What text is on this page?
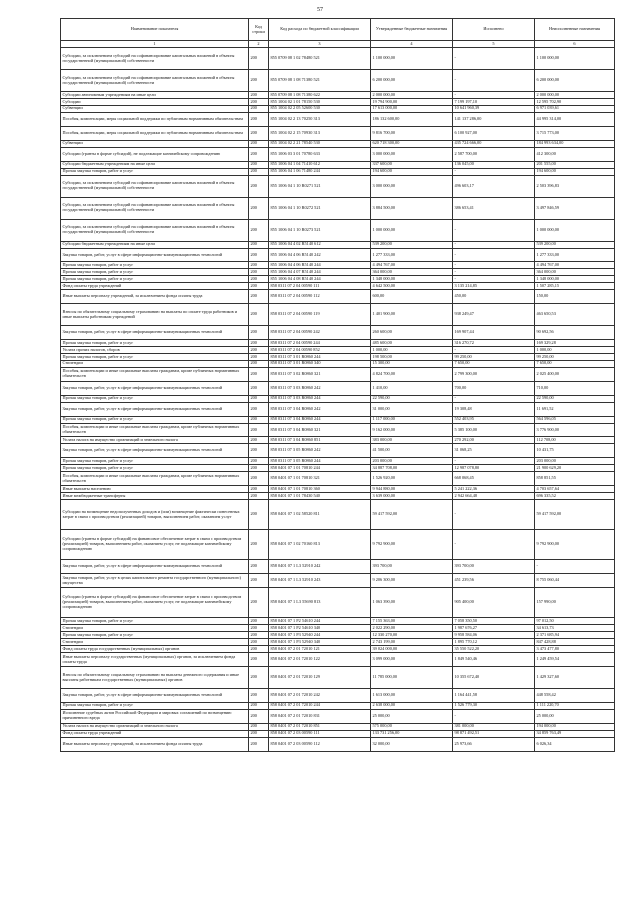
57
Наименование показателя	Код строки	Код расхода по бюджетной классификации	Утвержденные бюджетные назначения	Исполнено	Неисполненные назначения
1	2	3	4	5	6
Субсидии, за исключением субсидий на софинансирование капитальных вложений в объекты государственной (муниципальной) собственности	200	855 0709 08 1 02 78480 521	1 100 000,00	-	1 100 000,00
Субсидии, за исключением субсидий на софинансирование капитальных вложений в объекты государственной (муниципальной) собственности	200	855 0709 08 1 08 71380 521	6 200 000,00	-	6 200 000,00
Субсидии автономным учреждениям на иные цели	200	855 0709 08 1 08 71380 622	2 000 000,00	-	2 000 000,00
Субсидии	200	855 1004 02 1 01 78150 530	19 794 900,00	7 199 197,10	12 595 702,90
Субвенции	200	855 1004 02 2 05 52600 530	17 613 000,00	10 641 960,39	6 971 039,61
Пособия, компенсации, меры социальной поддержки по публичным нормативным обязательствам	200	855 1004 02 2 13 70250 313	186 132 600,00	141 137 286,00	44 995 314,00
Пособия, компенсации, меры социальной поддержки по публичным нормативным обязательствам	200	855 1004 02 2 15 70930 313	9 816 700,00	6 100 927,00	3 715 773,00
Субвенции	200	855 1004 02 2 21 78540 530	620 718 300,00	435 724 666,00	184 993 634,00
Субсидии (гранты в форме субсидий), не подлежащие казначейскому сопровождению	200	855 1006 03 3 01 70780 633	3 000 000,00	2 587 700,00	412 300,00
Субсидии бюджетным учреждениям на иные цели	200	855 1006 04 1 04 71410 612	337 600,00	136 045,00	201 555,00
Прочая закупка товаров, работ и услуг	200	855 1006 04 1 06 71480 244	194 600,00	-	194 600,00
Субсидии, за исключением субсидий на софинансирование капитальных вложений в объекты государственной (муниципальной) собственности	200	855 1006 04 1 10 R0271 521	3 000 000,00	496 603,17	2 503 396,83
Субсидии, за исключением субсидий на софинансирование капитальных вложений в объекты государственной (муниципальной) собственности	200	855 1006 04 1 10 R0272 521	3 884 500,00	386 653,41	3 497 846,59
Субсидии, за исключением субсидий на софинансирование капитальных вложений в объекты государственной (муниципальной) собственности	200	855 1006 04 1 10 R0273 521	1 000 000,00	-	1 000 000,00
Субсидии бюджетным учреждениям на иные цели	200	855 1006 04 4 02 R5140 612	539 200,00	-	539 200,00
Закупка товаров, работ, услуг в сфере информационно-коммуникационных технологий	200	855 1006 04 4 06 R5140 242	1 277 333,00	-	1 277 333,00
Прочая закупка товаров, работ и услуг	200	855 1006 04 4 06 R5140 244	4 494 767,00	-	4 494 767,00
Прочая закупка товаров, работ и услуг	200	855 1006 04 4 07 R5140 244	364 000,00	-	364 000,00
Прочая закупка товаров, работ и услуг	200	855 1006 04 4 08 R5140 244	1 348 000,00	-	1 348 000,00
Фонд оплаты труда учреждений	200	858 0311 07 2 04 00590 111	4 642 500,00	3 135 214,85	1 507 285,15
Иные выплаты персоналу учреждений, за исключением фонда оплаты труда	200	858 0311 07 2 04 00590 112	600,00	450,00	150,00
Взносы по обязательному социальному страхованию на выплаты по оплате труда работников и иные выплаты работникам учреждений	200	858 0311 07 2 04 00590 119	1 401 900,00	938 249,47	463 650,53
Закупка товаров, работ, услуг в сфере информационно-коммуникационных технологий	200	858 0311 07 2 04 00590 242	260 600,00	169 907,44	90 692,56
Прочая закупка товаров, работ и услуг	200	858 0311 07 2 04 00590 244	485 600,00	316 270,72	169 329,28
Уплата прочих налогов, сборов	200	858 0311 07 2 04 00590 852	1 000,00	-	1 000,00
Прочая закупка товаров, работ и услуг	200	858 0311 07 3 01 R0860 244	198 500,00	99 250,00	99 250,00
Стипендии	200	858 0311 07 3 01 R0860 340	15 300,00	7 650,00	7 650,00
Пособия, компенсации и иные социальные выплаты гражданам, кроме публичных нормативных обязательств	200	858 0311 07 3 02 R0860 321	4 824 700,00	2 799 300,00	2 025 400,00
Закупка товаров, работ, услуг в сфере информационно-коммуникационных технологий	200	858 0311 07 3 03 R0860 242	1 410,00	700,00	710,00
Прочая закупка товаров, работ и услуг	200	858 0311 07 3 03 R0860 244	22 590,00	-	22 590,00
Закупка товаров, работ, услуг в сфере информационно-коммуникационных технологий	200	858 0311 07 3 04 R0860 242	31 000,00	19 308,48	11 691,52
Прочая закупка товаров, работ и услуг	200	858 0311 07 3 04 R0860 244	1 117 000,00	552 403,95	564 596,05
Пособия, компенсации и иные социальные выплаты гражданам, кроме публичных нормативных обязательств	200	858 0311 07 3 04 R0860 321	9 162 000,00	5 385 100,00	3 776 900,00
Уплата налога на имущество организаций и земельного налога	200	858 0311 07 3 04 R0860 851	383 000,00	270 292,00	112 708,00
Закупка товаров, работ, услуг в сфере информационно-коммуникационных технологий	200	858 0311 07 3 05 R0860 242	41 500,00	31 068,25	10 431,75
Прочая закупка товаров, работ и услуг	200	858 0311 07 3 05 R0860 244	203 000,00	-	203 000,00
Прочая закупка товаров, работ и услуг	200	858 0401 07 1 01 70810 244	34 887 708,00	12 987 078,80	21 900 629,20
Пособия, компенсации и иные социальные выплаты гражданам, кроме публичных нормативных обязательств	200	858 0401 07 1 01 70810 321	1 526 920,00	668 068,45	858 851,55
Иные выплаты населению	200	858 0401 07 1 01 70810 360	9 944 880,00	5 241 222,36	4 703 657,64
Иные межбюджетные трансферты	200	858 0401 07 1 01 78430 540	3 639 000,00	2 942 664,48	696 335,52
Субсидии на возмещение недополученных доходов и (или) возмещение фактически понесенных затрат в связи с производством (реализацией) товаров, выполнением работ, оказанием услуг	200	858 0401 07 1 02 58520 811	59 417 592,00	-	59 417 592,00
Субсидии (гранты в форме субсидий) на финансовое обеспечение затрат в связи с производством (реализацией) товаров, выполнением работ, оказанием услуг, не подлежащие казначейскому сопровождению	200	858 0401 07 1 02 70160 813	9 792 900,00	-	9 792 900,00
Закупка товаров, работ, услуг в сфере информационно-коммуникационных технологий	200	858 0401 07 1 L3 52910 242	393 700,00	393 700,00	-
Закупка товаров, работ, услуг в целях капитального ремонта государственного (муниципального) имущества	200	858 0401 07 1 L3 52910 243	9 206 300,00	451 239,56	8 755 060,44
Субсидии (гранты в форме субсидий) на финансовое обеспечение затрат в связи с производством (реализацией) товаров, выполнением работ, оказанием услуг, не подлежащие казначейскому сопровождению	200	858 0401 07 1 L3 55690 813	1 063 390,00	905 400,00	157 990,00
Прочая закупка товаров, работ и услуг	200	858 0401 07 1 P2 54610 244	7 155 363,00	7 058 350,50	97 012,50
Стипендии	200	858 0401 07 1 P2 54610 340	2 022 290,00	1 987 676,27	34 613,73
Прочая закупка товаров, работ и услуг	200	858 0401 07 1 P3 52940 244	12 330 270,00	9 958 584,06	2 371 685,94
Стипендии	200	858 0401 07 1 P3 52940 340	2 743 199,00	1 895 770,12	847 428,88
Фонд оплаты труда государственных (муниципальных) органов	200	858 0401 07 2 01 72010 121	39 024 000,00	35 550 522,20	3 473 477,80
Иные выплаты персоналу государственных (муниципальных) органов, за исключением фонда оплаты труда	200	858 0401 07 2 01 72010 122	3 099 000,00	1 849 540,46	1 249 459,54
Взносы по обязательному социальному страхованию на выплаты денежного содержания и иные выплаты работникам государственных (муниципальных) органов	200	858 0401 07 2 01 72010 129	11 785 000,00	10 355 672,40	1 429 327,60
Закупка товаров, работ, услуг в сфере информационно-коммуникационных технологий	200	858 0401 07 2 01 72010 242	1 613 000,00	1 164 441,58	448 558,42
Прочая закупка товаров, работ и услуг	200	858 0401 07 2 01 72010 244	2 638 000,00	1 526 779,30	1 111 220,70
Исполнение судебных актов Российской Федерации и мировых соглашений по возмещению причиненного вреда	200	858 0401 07 2 01 72010 831	25 000,00	-	25 000,00
Уплата налога на имущество организаций и земельного налога	200	858 0401 07 2 01 72010 851	575 000,00	381 000,00	194 000,00
Фонд оплаты труда учреждений	200	858 0401 07 2 03 00590 111	133 731 256,00	98 871 492,51	34 859 763,49
Иные выплаты персоналу учреждений, за исключением фонда оплаты труда	200	858 0401 07 2 03 00590 112	32 000,00	25 973,66	6 026,34
